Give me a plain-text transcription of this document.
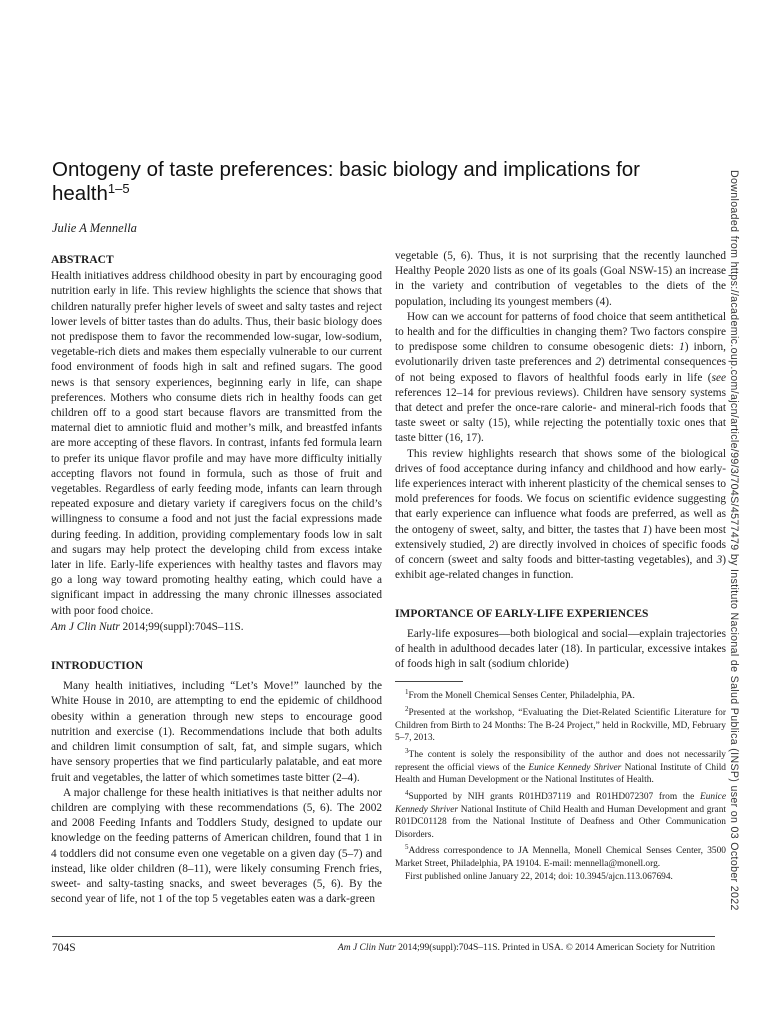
Ontogeny of taste preferences: basic biology and implications for health$^{1-5}$
Julie A Mennella
ABSTRACT

Health initiatives address childhood obesity in part by encouraging good nutrition early in life. This review highlights the science that shows that children naturally prefer higher levels of sweet and salty tastes and reject lower levels of bitter tastes than do adults. Thus, their basic biology does not predispose them to favor the recommended low-sugar, low-sodium, vegetable-rich diets and makes them especially vulnerable to our current food environment of foods high in salt and refined sugars. The good news is that sensory experiences, beginning early in life, can shape preferences. Mothers who consume diets rich in healthy foods can get children off to a good start because flavors are transmitted from the maternal diet to amniotic fluid and mother’s milk, and breastfed infants are more accepting of these flavors. In contrast, infants fed formula learn to prefer its unique flavor profile and may have more difficulty initially accepting flavors not found in formula, such as those of fruit and vegetables. Regardless of early feeding mode, infants can learn through repeated exposure and dietary variety if caregivers focus on the child’s willingness to consume a food and not just the facial expressions made during feeding. In addition, providing complementary foods low in salt and sugars may help protect the developing child from excess intake later in life. Early-life experiences with healthy tastes and flavors may go a long way toward promoting healthy eating, which could have a significant impact in addressing the many chronic illnesses associated with poor food choice.

Am J Clin Nutr 2014;99(suppl):704S–11S.

INTRODUCTION

Many health initiatives, including “Let’s Move!” launched by the White House in 2010, are attempting to end the epidemic of childhood obesity within a generation through new steps to encourage good nutrition and exercise (1). Recommendations include that both adults and children limit consumption of salt, fat, and simple sugars, which have sensory properties that we find particularly palatable, and eat more fruit and vegetables, the latter of which sometimes taste bitter (2–4).

A major challenge for these health initiatives is that neither adults nor children are complying with these recommendations (5, 6). The 2002 and 2008 Feeding Infants and Toddlers Study, designed to update our knowledge on the feeding patterns of American children, found that 1 in 4 toddlers did not consume even one vegetable on a given day (5–7) and instead, like older children (8–11), were likely consuming French fries, sweet- and salty-tasting snacks, and sweet beverages (5, 6). By the second year of life, not 1 of the top 5 vegetables eaten was a dark-green

vegetable (5, 6). Thus, it is not surprising that the recently launched Healthy People 2020 lists as one of its goals (Goal NSW-15) an increase in the variety and contribution of vegetables to the diets of the population, including its youngest members (4).

How can we account for patterns of food choice that seem antithetical to health and for the difficulties in changing them? Two factors conspire to predispose some children to consume obesogenic diets: 1) inborn, evolutionarily driven taste preferences and 2) detrimental consequences of not being exposed to flavors of healthful foods early in life (see references 12–14 for previous reviews). Children have sensory systems that detect and prefer the once-rare calorie- and mineral-rich foods that taste sweet or salty (15), while rejecting the potentially toxic ones that taste bitter (16, 17).

This review highlights research that shows some of the biological drives of food acceptance during infancy and childhood and how early-life experiences interact with inherent plasticity of the chemical senses to mold preferences for foods. We focus on scientific evidence suggesting that early experience can influence what foods are preferred, as well as the ontogeny of sweet, salty, and bitter, the tastes that 1) have been most extensively studied, 2) are directly involved in choices of specific foods of concern (sweet and salty foods and bitter-tasting vegetables), and 3) exhibit age-related changes in function.

IMPORTANCE OF EARLY-LIFE EXPERIENCES

Early-life exposures—both biological and social—explain trajectories of health in adulthood decades later (18). In particular, excessive intakes of foods high in salt (sodium chloride)

$^1$From the Monell Chemical Senses Center, Philadelphia, PA.

$^2$Presented at the workshop, “Evaluating the Diet-Related Scientific Literature for Children from Birth to 24 Months: The B-24 Project,” held in Rockville, MD, February 5–7, 2013.

$^3$The content is solely the responsibility of the author and does not necessarily represent the official views of the Eunice Kennedy Shriver National Institute of Child Health and Human Development or the National Institutes of Health.

$^4$Supported by NIH grants R01HD37119 and R01HD072307 from the Eunice Kennedy Shriver National Institute of Child Health and Human Development and grant R01DC01128 from the National Institute of Deafness and Other Communication Disorders.

$^5$Address correspondence to JA Mennella, Monell Chemical Senses Center, 3500 Market Street, Philadelphia, PA 19104. E-mail: mennella@monell.org.

First published online January 22, 2014; doi: 10.3945/ajcn.113.067694.

704S	Am J Clin Nutr 2014;99(suppl):704S–11S. Printed in USA. © 2014 American Society for Nutrition
Downloaded from https://academic.oup.com/ajcn/article/99/3/704S/4577479 by Instituto Nacional de Salud Publica (INSP) user on 03 October 2022
